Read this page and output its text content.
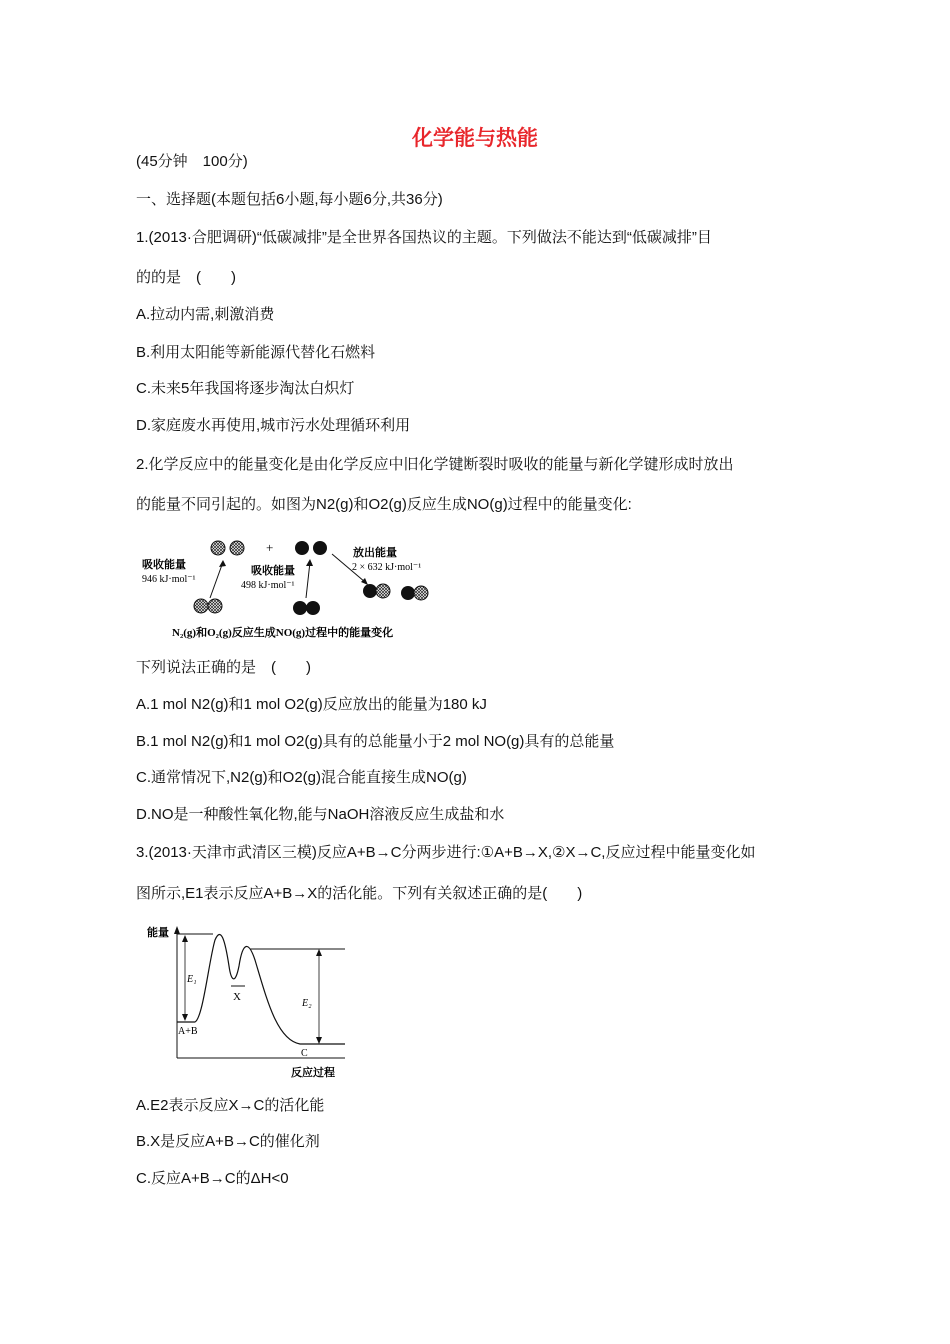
化学能与热能
(45分钟　100分)
一、选择题(本题包括6小题,每小题6分,共36分)
1.(2013·合肥调研)“低碳减排”是全世界各国热议的主题。下列做法不能达到“低碳减排”目
的的是　(　　)
A.拉动内需,刺激消费
B.利用太阳能等新能源代替化石燃料
C.未来5年我国将逐步淘汰白炽灯
D.家庭废水再使用,城市污水处理循环利用
2.化学反应中的能量变化是由化学反应中旧化学键断裂时吸收的能量与新化学键形成时放出
的能量不同引起的。如图为N2(g)和O2(g)反应生成NO(g)过程中的能量变化:
+
吸收能量
946 kJ·mol⁻¹
吸收能量
498 kJ·mol⁻¹
放出能量
2 × 632 kJ·mol⁻¹
N₂(g)和O₂(g)反应生成NO(g)过程中的能量变化
下列说法正确的是　(　　)
A.1 mol N2(g)和1 mol O2(g)反应放出的能量为180 kJ
B.1 mol N2(g)和1 mol O2(g)具有的总能量小于2 mol NO(g)具有的总能量
C.通常情况下,N2(g)和O2(g)混合能直接生成NO(g)
D.NO是一种酸性氧化物,能与NaOH溶液反应生成盐和水
3.(2013·天津市武清区三模)反应A+B→C分两步进行:①A+B→X,②X→C,反应过程中能量变化如
图所示,E1表示反应A+B→X的活化能。下列有关叙述正确的是(　　)
能量
反应过程
X
E₁
E₂
A+B
C
A.E2表示反应X→C的活化能
B.X是反应A+B→C的催化剂
C.反应A+B→C的ΔH<0
